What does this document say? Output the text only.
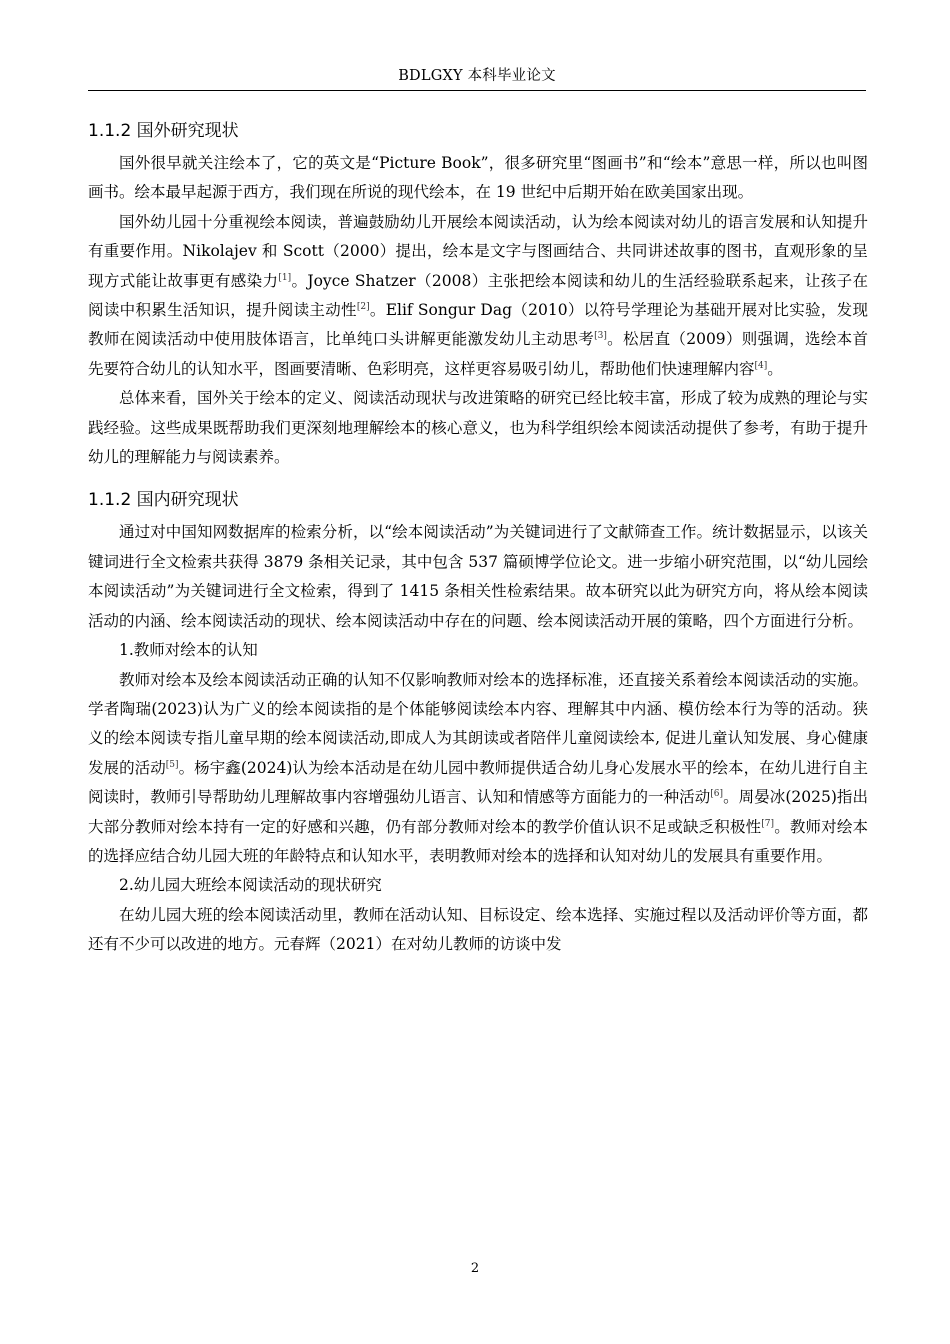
BDLGXY 本科毕业论文
1.1.2 国外研究现状

国外很早就关注绘本了，它的英文是“Picture Book”，很多研究里“图画书”和“绘本”意思一样，所以也叫图画书。绘本最早起源于西方，我们现在所说的现代绘本，在 19 世纪中后期开始在欧美国家出现。

国外幼儿园十分重视绘本阅读，普遍鼓励幼儿开展绘本阅读活动，认为绘本阅读对幼儿的语言发展和认知提升有重要作用。Nikolajev 和 Scott（2000）提出，绘本是文字与图画结合、共同讲述故事的图书，直观形象的呈现方式能让故事更有感染力[1]。Joyce Shatzer（2008）主张把绘本阅读和幼儿的生活经验联系起来，让孩子在阅读中积累生活知识，提升阅读主动性[2]。Elif Songur Dag（2010）以符号学理论为基础开展对比实验，发现教师在阅读活动中使用肢体语言，比单纯口头讲解更能激发幼儿主动思考[3]。松居直（2009）则强调，选绘本首先要符合幼儿的认知水平，图画要清晰、色彩明亮，这样更容易吸引幼儿，帮助他们快速理解内容[4]。

总体来看，国外关于绘本的定义、阅读活动现状与改进策略的研究已经比较丰富，形成了较为成熟的理论与实践经验。这些成果既帮助我们更深刻地理解绘本的核心意义，也为科学组织绘本阅读活动提供了参考，有助于提升幼儿的理解能力与阅读素养。

1.1.2 国内研究现状

通过对中国知网数据库的检索分析，以“绘本阅读活动”为关键词进行了文献筛查工作。统计数据显示，以该关键词进行全文检索共获得 3879 条相关记录，其中包含 537 篇硕博学位论文。进一步缩小研究范围，以“幼儿园绘本阅读活动”为关键词进行全文检索，得到了 1415 条相关性检索结果。故本研究以此为研究方向，将从绘本阅读活动的内涵、绘本阅读活动的现状、绘本阅读活动中存在的问题、绘本阅读活动开展的策略，四个方面进行分析。

1.教师对绘本的认知

教师对绘本及绘本阅读活动正确的认知不仅影响教师对绘本的选择标准，还直接关系着绘本阅读活动的实施。学者陶瑞(2023)认为广义的绘本阅读指的是个体能够阅读绘本内容、理解其中内涵、模仿绘本行为等的活动。狭义的绘本阅读专指儿童早期的绘本阅读活动,即成人为其朗读或者陪伴儿童阅读绘本, 促进儿童认知发展、身心健康发展的活动[5]。杨宇鑫(2024)认为绘本活动是在幼儿园中教师提供适合幼儿身心发展水平的绘本，在幼儿进行自主阅读时，教师引导帮助幼儿理解故事内容增强幼儿语言、认知和情感等方面能力的一种活动[6]。周晏冰(2025)指出大部分教师对绘本持有一定的好感和兴趣，仍有部分教师对绘本的教学价值认识不足或缺乏积极性[7]。教师对绘本的选择应结合幼儿园大班的年龄特点和认知水平，表明教师对绘本的选择和认知对幼儿的发展具有重要作用。

2.幼儿园大班绘本阅读活动的现状研究

在幼儿园大班的绘本阅读活动里，教师在活动认知、目标设定、绘本选择、实施过程以及活动评价等方面，都还有不少可以改进的地方。元春辉（2021）在对幼儿教师的访谈中发

2
